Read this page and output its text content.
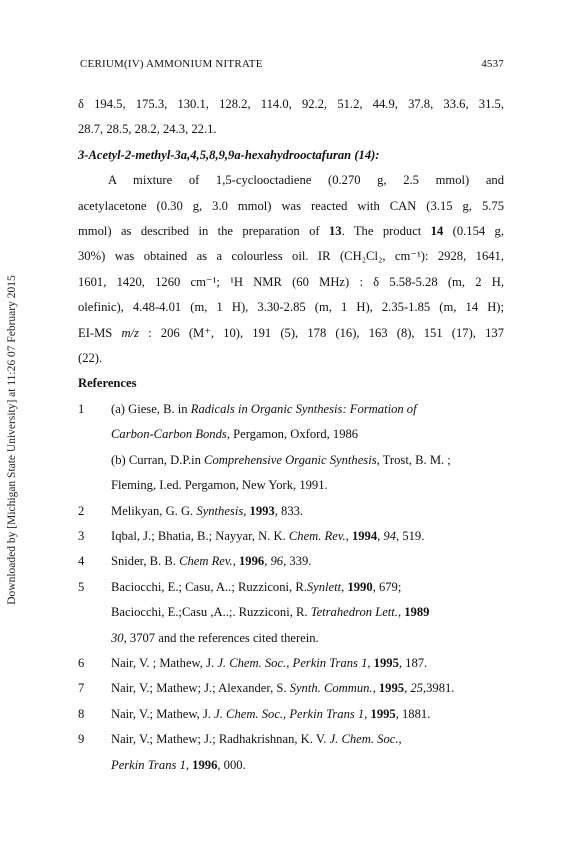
Downloaded by [Michigan State University] at 11:26 07 February 2015
CERIUM(IV) AMMONIUM NITRATE	4537
δ 194.5, 175.3, 130.1, 128.2, 114.0, 92.2, 51.2, 44.9, 37.8, 33.6, 31.5,
28.7, 28.5, 28.2, 24.3, 22.1.
3-Acetyl-2-methyl-3a,4,5,8,9,9a-hexahydrooctafuran (14):
A mixture of 1,5-cyclooctadiene (0.270 g, 2.5 mmol) and
acetylacetone (0.30 g, 3.0 mmol) was reacted with CAN (3.15 g, 5.75
mmol) as described in the preparation of 13. The product 14 (0.154 g,
30%) was obtained as a colourless oil. IR (CH₂Cl₂, cm⁻¹): 2928, 1641,
1601, 1420, 1260 cm⁻¹; ¹H NMR (60 MHz) : δ 5.58-5.28 (m, 2 H,
olefinic), 4.48-4.01 (m, 1 H), 3.30-2.85 (m, 1 H), 2.35-1.85 (m, 14 H);
EI-MS m/z : 206 (M⁺, 10), 191 (5), 178 (16), 163 (8), 151 (17), 137
(22).
References
1	(a) Giese, B. in Radicals in Organic Synthesis: Formation of
Carbon-Carbon Bonds, Pergamon, Oxford, 1986
(b) Curran, D.P.in Comprehensive Organic Synthesis, Trost, B. M. ;
Fleming, I.ed. Pergamon, New York, 1991.
2	Melikyan, G. G. Synthesis, 1993, 833.
3	Iqbal, J.; Bhatia, B.; Nayyar, N. K. Chem. Rev., 1994, 94, 519.
4	Snider, B. B. Chem Rev., 1996, 96, 339.
5	Baciocchi, E.; Casu, A..; Ruzziconi, R.Synlett, 1990, 679;
Baciocchi, E.;Casu ,A..;. Ruzziconi, R. Tetrahedron Lett., 1989
30, 3707 and the references cited therein.
6	Nair, V. ; Mathew, J. J. Chem. Soc., Perkin Trans 1, 1995, 187.
7	Nair, V.; Mathew; J.; Alexander, S. Synth. Commun., 1995, 25,3981.
8	Nair, V.; Mathew, J. J. Chem. Soc., Perkin Trans 1, 1995, 1881.
9	Nair, V.; Mathew; J.; Radhakrishnan, K. V. J. Chem. Soc.,
Perkin Trans 1, 1996, 000.
